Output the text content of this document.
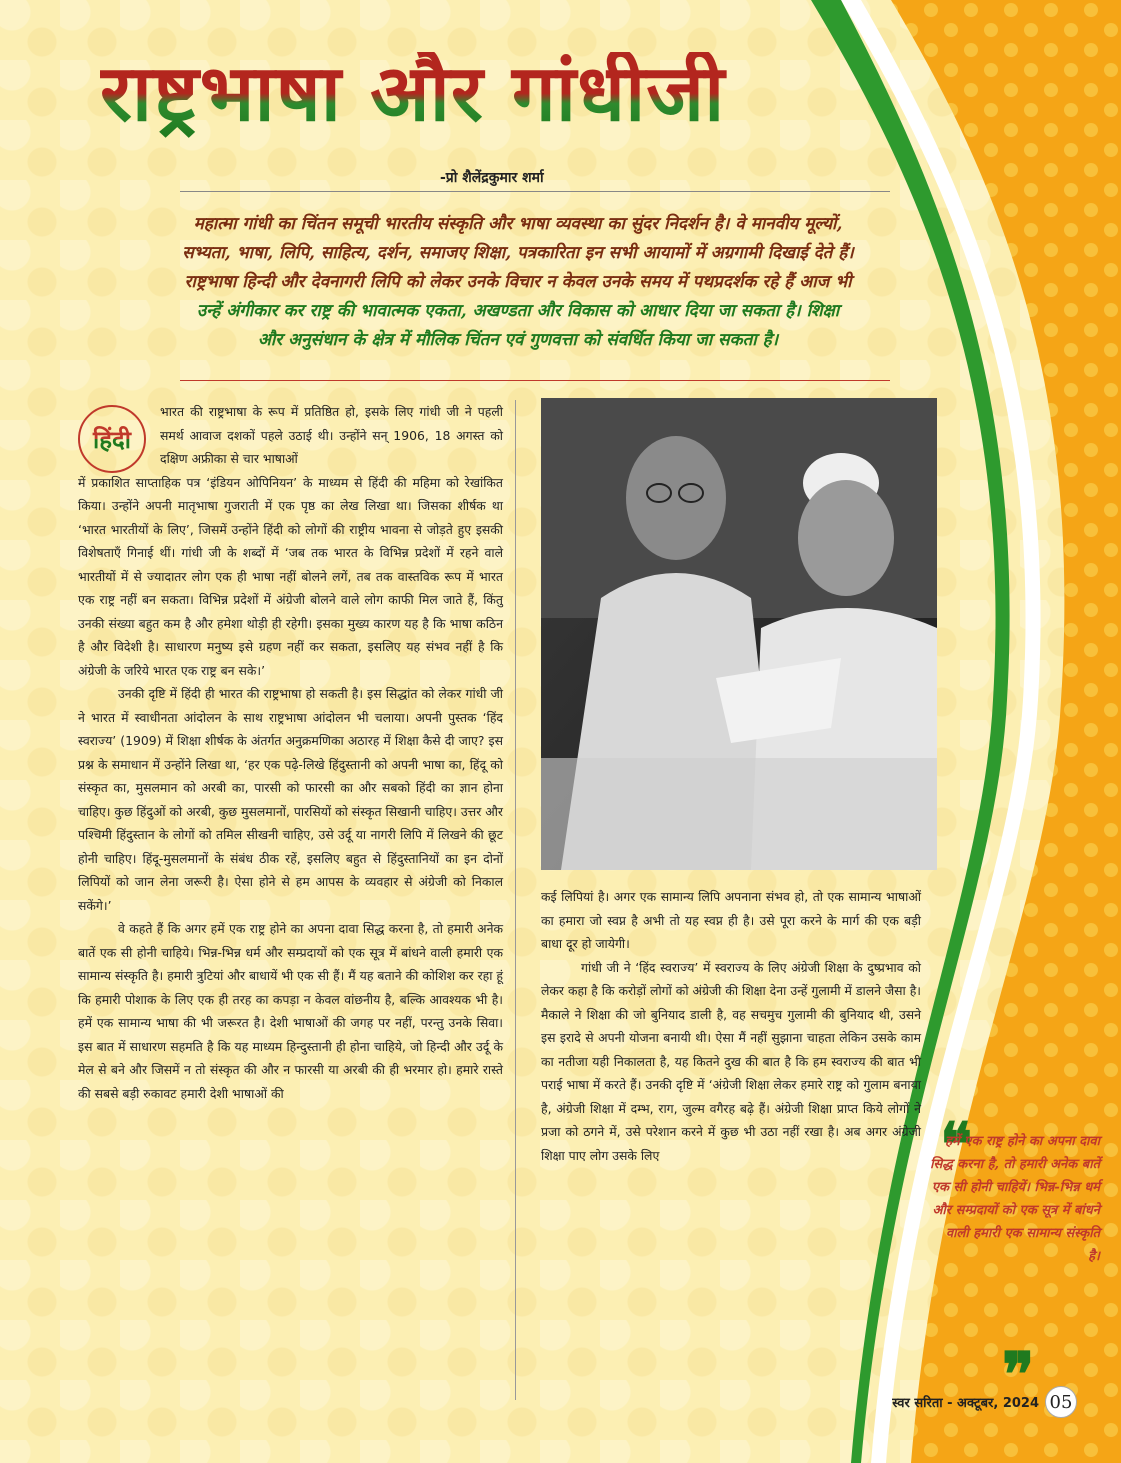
राष्ट्रभाषा और गांधीजी
-प्रो शैलेंद्रकुमार शर्मा
महात्मा गांधी का चिंतन समूची भारतीय संस्कृति और भाषा व्यवस्था का सुंदर निदर्शन है। वे मानवीय मूल्यों,
सभ्यता, भाषा, लिपि, साहित्य, दर्शन, समाजए शिक्षा, पत्रकारिता इन सभी आयामों में अग्रगामी दिखाई देते हैं।
राष्ट्रभाषा हिन्दी और देवनागरी लिपि को लेकर उनके विचार न केवल उनके समय में पथप्रदर्शक रहे हैं आज भी
उन्हें अंगीकार कर राष्ट्र की भावात्मक एकता, अखण्डता और विकास को आधार दिया जा सकता है। शिक्षा
और अनुसंधान के क्षेत्र में मौलिक चिंतन एवं गुणवत्ता को संवर्धित किया जा सकता है।
हिंदी

भारत की राष्ट्रभाषा के रूप में प्रतिष्ठित हो, इसके लिए गांधी जी ने पहली समर्थ आवाज दशकों पहले उठाई थी। उन्होंने सन् 1906, 18 अगस्त को दक्षिण अफ्रीका से चार भाषाओं

में प्रकाशित साप्ताहिक पत्र ‘इंडियन ओपिनियन’ के माध्यम से हिंदी की महिमा को रेखांकित किया। उन्होंने अपनी मातृभाषा गुजराती में एक पृष्ठ का लेख लिखा था। जिसका शीर्षक था ‘भारत भारतीयों के लिए’, जिसमें उन्होंने हिंदी को लोगों की राष्ट्रीय भावना से जोड़ते हुए इसकी विशेषताएँ गिनाई थीं। गांधी जी के शब्दों में ‘जब तक भारत के विभिन्न प्रदेशों में रहने वाले भारतीयों में से ज्यादातर लोग एक ही भाषा नहीं बोलने लगें, तब तक वास्तविक रूप में भारत एक राष्ट्र नहीं बन सकता। विभिन्न प्रदेशों में अंग्रेजी बोलने वाले लोग काफी मिल जाते हैं, किंतु उनकी संख्या बहुत कम है और हमेशा थोड़ी ही रहेगी। इसका मुख्य कारण यह है कि भाषा कठिन है और विदेशी है। साधारण मनुष्य इसे ग्रहण नहीं कर सकता, इसलिए यह संभव नहीं है कि अंग्रेजी के जरिये भारत एक राष्ट्र बन सके।’

उनकी दृष्टि में हिंदी ही भारत की राष्ट्रभाषा हो सकती है। इस सिद्धांत को लेकर गांधी जी ने भारत में स्वाधीनता आंदोलन के साथ राष्ट्रभाषा आंदोलन भी चलाया। अपनी पुस्तक ‘हिंद स्वराज्य’ (1909) में शिक्षा शीर्षक के अंतर्गत अनुक्रमणिका अठारह में शिक्षा कैसे दी जाए? इस प्रश्न के समाधान में उन्होंने लिखा था, ‘हर एक पढ़े-लिखे हिंदुस्तानी को अपनी भाषा का, हिंदू को संस्कृत का, मुसलमान को अरबी का, पारसी को फारसी का और सबको हिंदी का ज्ञान होना चाहिए। कुछ हिंदुओं को अरबी, कुछ मुसलमानों, पारसियों को संस्कृत सिखानी चाहिए। उत्तर और पश्चिमी हिंदुस्तान के लोगों को तमिल सीखनी चाहिए, उसे उर्दू या नागरी लिपि में लिखने की छूट होनी चाहिए। हिंदू-मुसलमानों के संबंध ठीक रहें, इसलिए बहुत से हिंदुस्तानियों का इन दोनों लिपियों को जान लेना जरूरी है। ऐसा होने से हम आपस के व्यवहार से अंग्रेजी को निकाल सकेंगे।’

वे कहते हैं कि अगर हमें एक राष्ट्र होने का अपना दावा सिद्ध करना है, तो हमारी अनेक बातें एक सी होनी चाहिये। भिन्न-भिन्न धर्म और सम्प्रदायों को एक सूत्र में बांधने वाली हमारी एक सामान्य संस्कृति है। हमारी त्रुटियां और बाधायें भी एक सी हैं। मैं यह बताने की कोशिश कर रहा हूं कि हमारी पोशाक के लिए एक ही तरह का कपड़ा न केवल वांछनीय है, बल्कि आवश्यक भी है। हमें एक सामान्य भाषा की भी जरूरत है। देशी भाषाओं की जगह पर नहीं, परन्तु उनके सिवा। इस बात में साधारण सहमति है कि यह माध्यम हिन्दुस्तानी ही होना चाहिये, जो हिन्दी और उर्दू के मेल से बने और जिसमें न तो संस्कृत की और न फारसी या अरबी की ही भरमार हो। हमारे रास्ते की सबसे बड़ी रुकावट हमारी देशी भाषाओं की

कई लिपियां है। अगर एक सामान्य लिपि अपनाना संभव हो, तो एक सामान्य भाषाओं का हमारा जो स्वप्न है अभी तो यह स्वप्न ही है। उसे पूरा करने के मार्ग की एक बड़ी बाधा दूर हो जायेगी।

गांधी जी ने ‘हिंद स्वराज्य’ में स्वराज्य के लिए अंग्रेजी शिक्षा के दुष्प्रभाव को लेकर कहा है कि करोड़ों लोगों को अंग्रेजी की शिक्षा देना उन्हें गुलामी में डालने जैसा है। मैकाले ने शिक्षा की जो बुनियाद डाली है, वह सचमुच गुलामी की बुनियाद थी, उसने इस इरादे से अपनी योजना बनायी थी। ऐसा मैं नहीं सुझाना चाहता लेकिन उसके काम का नतीजा यही निकालता है, यह कितने दुख की बात है कि हम स्वराज्य की बात भी पराई भाषा में करते हैं। उनकी दृष्टि में ‘अंग्रेजी शिक्षा लेकर हमारे राष्ट्र को गुलाम बनाया है, अंग्रेजी शिक्षा में दम्भ, राग, जुल्म वगैरह बढ़े हैं। अंग्रेजी शिक्षा प्राप्त किये लोगों ने प्रजा को ठगने में, उसे परेशान करने में कुछ भी उठा नहीं रखा है। अब अगर अंग्रेजी शिक्षा पाए लोग उसके लिए	❝
हमें एक राष्ट्र होने का अपना दावा सिद्ध करना है, तो हमारी अनेक बातें एक सी होनी चाहियें। भिन्न-भिन्न धर्म और सम्प्रदायों को एक सूत्र में बांधने वाली हमारी एक सामान्य संस्कृति है।
❞
स्वर सरिता - अक्टूबर, 2024 05
